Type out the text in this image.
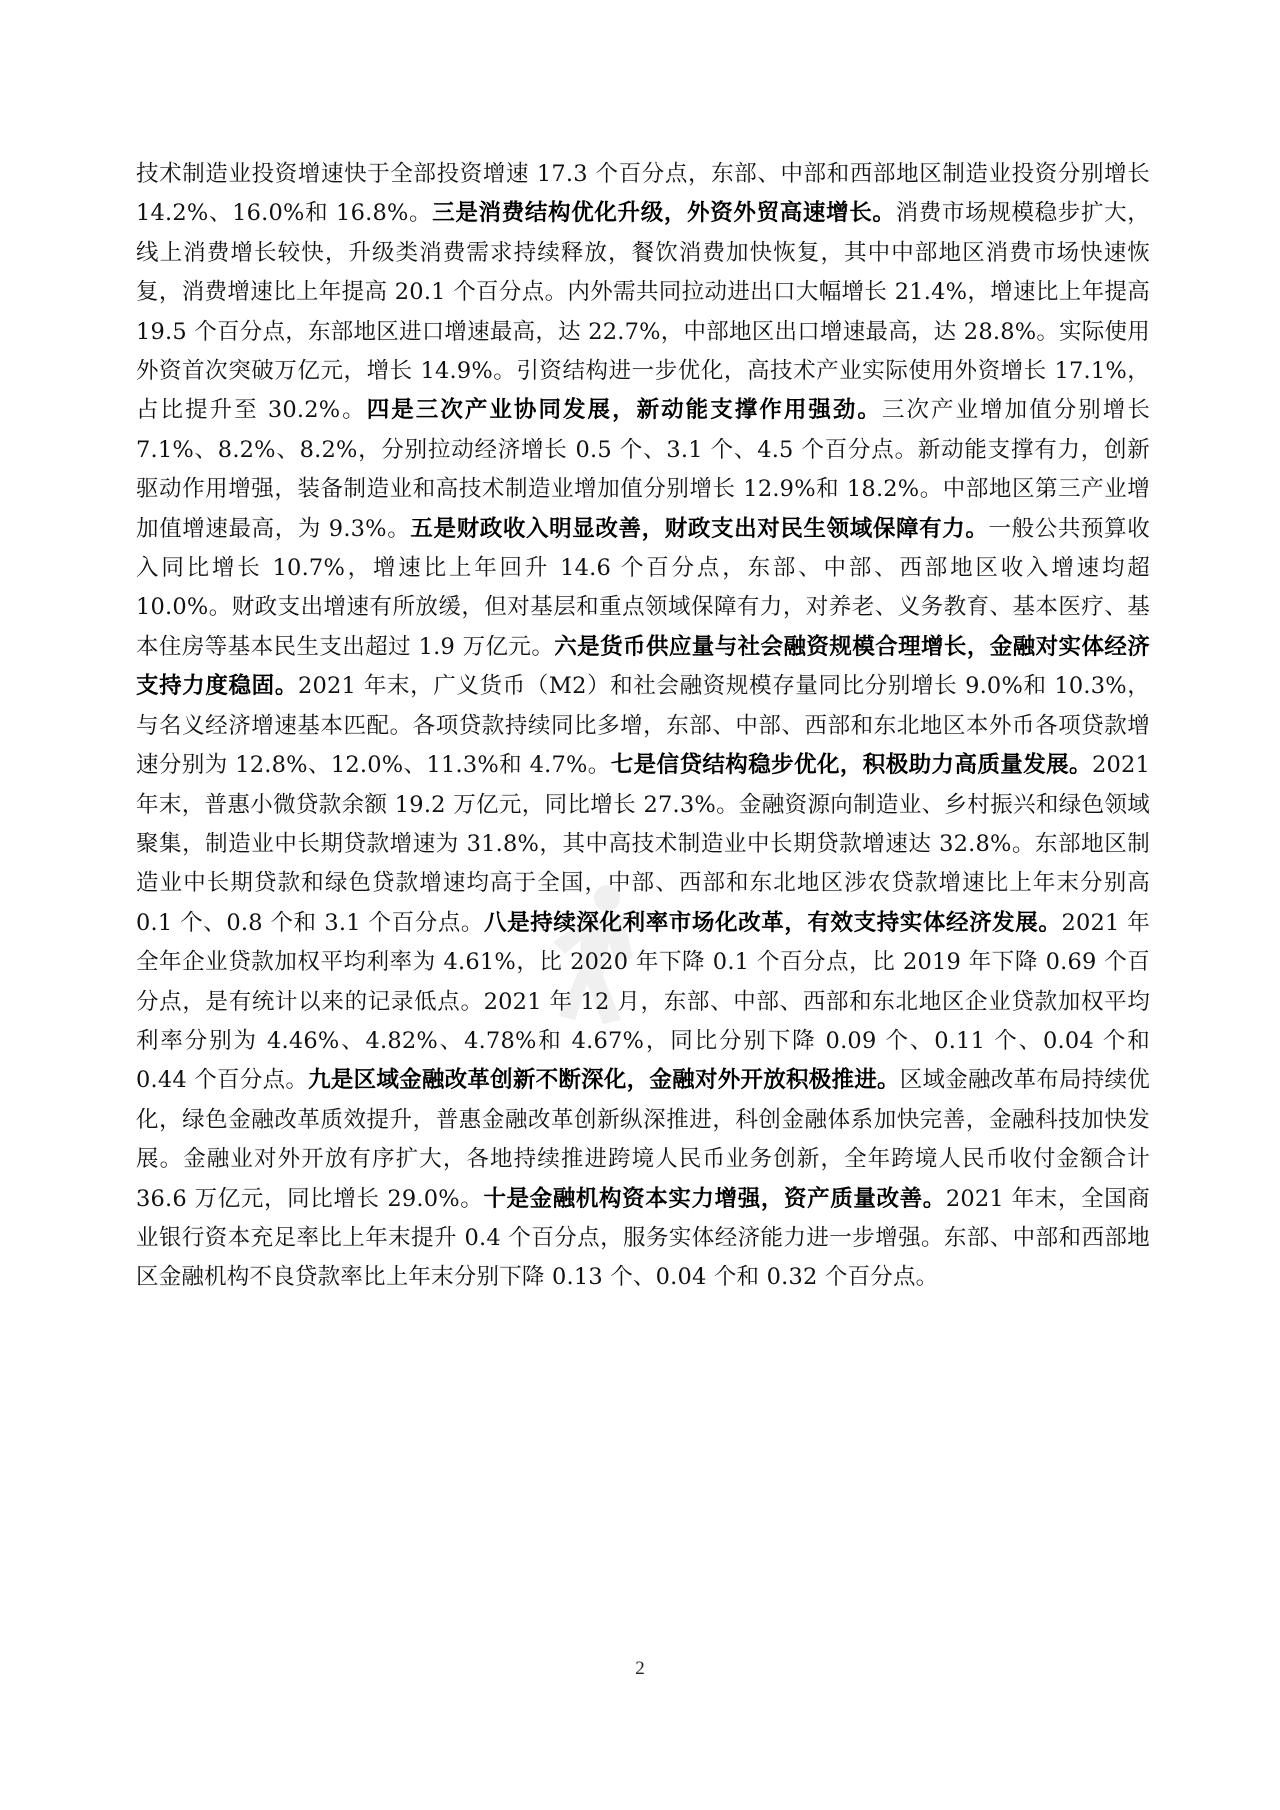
技术制造业投资增速快于全部投资增速 17.3 个百分点，东部、中部和西部地区制造业投资分别增长 14.2%、16.0%和 16.8%。三是消费结构优化升级，外资外贸高速增长。消费市场规模稳步扩大，线上消费增长较快，升级类消费需求持续释放，餐饮消费加快恢复，其中中部地区消费市场快速恢复，消费增速比上年提高 20.1 个百分点。内外需共同拉动进出口大幅增长 21.4%，增速比上年提高 19.5 个百分点，东部地区进口增速最高，达 22.7%，中部地区出口增速最高，达 28.8%。实际使用外资首次突破万亿元，增长 14.9%。引资结构进一步优化，高技术产业实际使用外资增长 17.1%，占比提升至 30.2%。四是三次产业协同发展，新动能支撑作用强劲。三次产业增加值分别增长 7.1%、8.2%、8.2%，分别拉动经济增长 0.5 个、3.1 个、4.5 个百分点。新动能支撑有力，创新驱动作用增强，装备制造业和高技术制造业增加值分别增长 12.9%和 18.2%。中部地区第三产业增加值增速最高，为 9.3%。五是财政收入明显改善，财政支出对民生领域保障有力。一般公共预算收入同比增长 10.7%，增速比上年回升 14.6 个百分点，东部、中部、西部地区收入增速均超 10.0%。财政支出增速有所放缓，但对基层和重点领域保障有力，对养老、义务教育、基本医疗、基本住房等基本民生支出超过 1.9 万亿元。六是货币供应量与社会融资规模合理增长，金融对实体经济支持力度稳固。2021 年末，广义货币（M2）和社会融资规模存量同比分别增长 9.0%和 10.3%，与名义经济增速基本匹配。各项贷款持续同比多增，东部、中部、西部和东北地区本外币各项贷款增速分别为 12.8%、12.0%、11.3%和 4.7%。七是信贷结构稳步优化，积极助力高质量发展。2021 年末，普惠小微贷款余额 19.2 万亿元，同比增长 27.3%。金融资源向制造业、乡村振兴和绿色领域聚集，制造业中长期贷款增速为 31.8%，其中高技术制造业中长期贷款增速达 32.8%。东部地区制造业中长期贷款和绿色贷款增速均高于全国，中部、西部和东北地区涉农贷款增速比上年末分别高 0.1 个、0.8 个和 3.1 个百分点。八是持续深化利率市场化改革，有效支持实体经济发展。2021 年全年企业贷款加权平均利率为 4.61%，比 2020 年下降 0.1 个百分点，比 2019 年下降 0.69 个百分点，是有统计以来的记录低点。2021 年 12 月，东部、中部、西部和东北地区企业贷款加权平均利率分别为 4.46%、4.82%、4.78%和 4.67%，同比分别下降 0.09 个、0.11 个、0.04 个和 0.44 个百分点。九是区域金融改革创新不断深化，金融对外开放积极推进。区域金融改革布局持续优化，绿色金融改革质效提升，普惠金融改革创新纵深推进，科创金融体系加快完善，金融科技加快发展。金融业对外开放有序扩大，各地持续推进跨境人民币业务创新，全年跨境人民币收付金额合计 36.6 万亿元，同比增长 29.0%。十是金融机构资本实力增强，资产质量改善。2021 年末，全国商业银行资本充足率比上年末提升 0.4 个百分点，服务实体经济能力进一步增强。东部、中部和西部地区金融机构不良贷款率比上年末分别下降 0.13 个、0.04 个和 0.32 个百分点。

2
